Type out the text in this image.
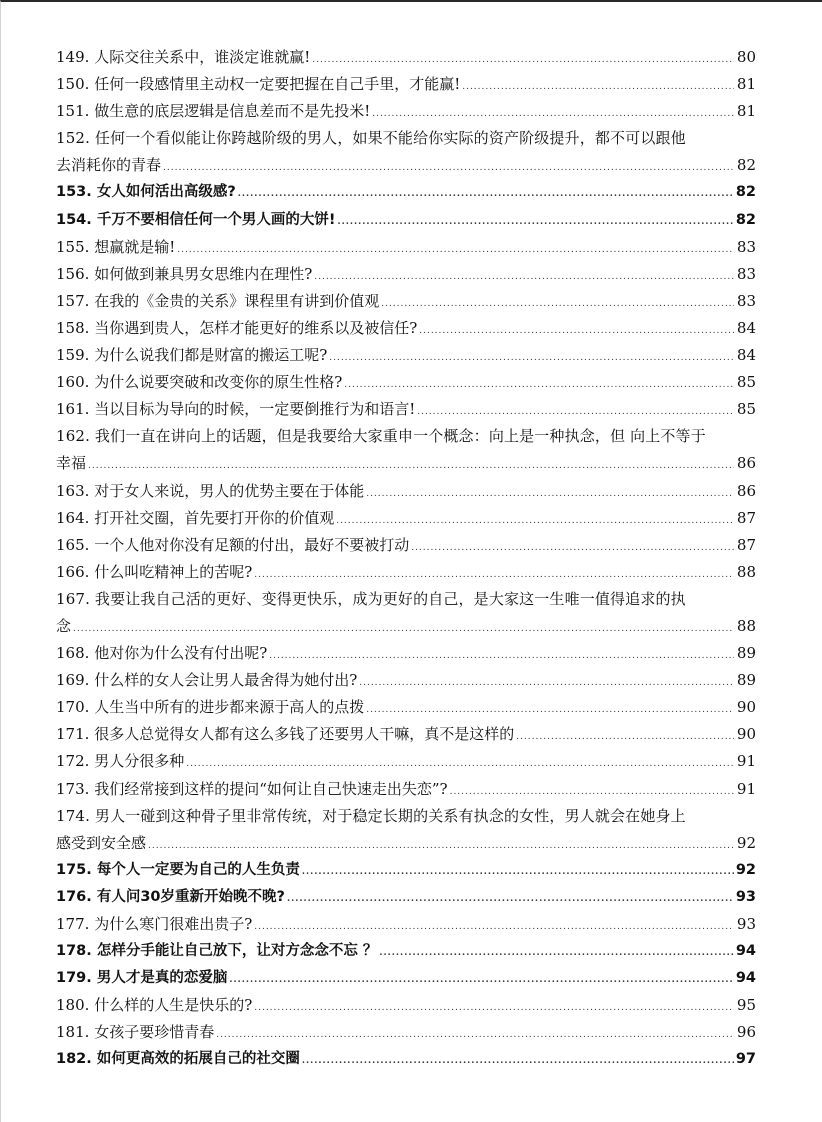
149. 人际交往关系中，谁淡定谁就赢! .....	80
150. 任何一段感情里主动权一定要把握在自己手里，才能赢! .....	81
151. 做生意的底层逻辑是信息差而不是先投米! .....	81
152. 任何一个看似能让你跨越阶级的男人，如果不能给你实际的资产阶级提升，都不可以跟他
去消耗你的青春 .....	82
153. 女人如何活出高级感? .....	82
154. 千万不要相信任何一个男人画的大饼! .....	82
155. 想赢就是输! .....	83
156. 如何做到兼具男女思维内在理性? .....	83
157. 在我的《金贵的关系》课程里有讲到价值观 .....	83
158. 当你遇到贵人，怎样才能更好的维系以及被信任? .....	84
159. 为什么说我们都是财富的搬运工呢? .....	84
160. 为什么说要突破和改变你的原生性格? .....	85
161. 当以目标为导向的时候，一定要倒推行为和语言! .....	85
162. 我们一直在讲向上的话题，但是我要给大家重申一个概念：向上是一种执念，但 向上不等于
幸福 .....	86
163. 对于女人来说，男人的优势主要在于体能 .....	86
164. 打开社交圈，首先要打开你的价值观 .....	87
165. 一个人他对你没有足额的付出，最好不要被打动 .....	87
166. 什么叫吃精神上的苦呢? .....	88
167. 我要让我自己活的更好、变得更快乐，成为更好的自己，是大家这一生唯一值得追求的执
念 .....	88
168. 他对你为什么没有付出呢? .....	89
169. 什么样的女人会让男人最舍得为她付出? .....	89
170. 人生当中所有的进步都来源于高人的点拨 .....	90
171. 很多人总觉得女人都有这么多钱了还要男人干嘛，真不是这样的 .....	90
172. 男人分很多种 .....	91
173. 我们经常接到这样的提问“如何让自己快速走出失恋”? .....	91
174. 男人一碰到这种骨子里非常传统，对于稳定长期的关系有执念的女性，男人就会在她身上
感受到安全感 .....	92
175. 每个人一定要为自己的人生负责 .....	92
176. 有人问30岁重新开始晚不晚? .....	93
177. 为什么寒门很难出贵子? .....	93
178. 怎样分手能让自己放下，让对方念念不忘 ？ .....	94
179. 男人才是真的恋爱脑 .....	94
180. 什么样的人生是快乐的? .....	95
181. 女孩子要珍惜青春 .....	96
182. 如何更高效的拓展自己的社交圈 .....	97
